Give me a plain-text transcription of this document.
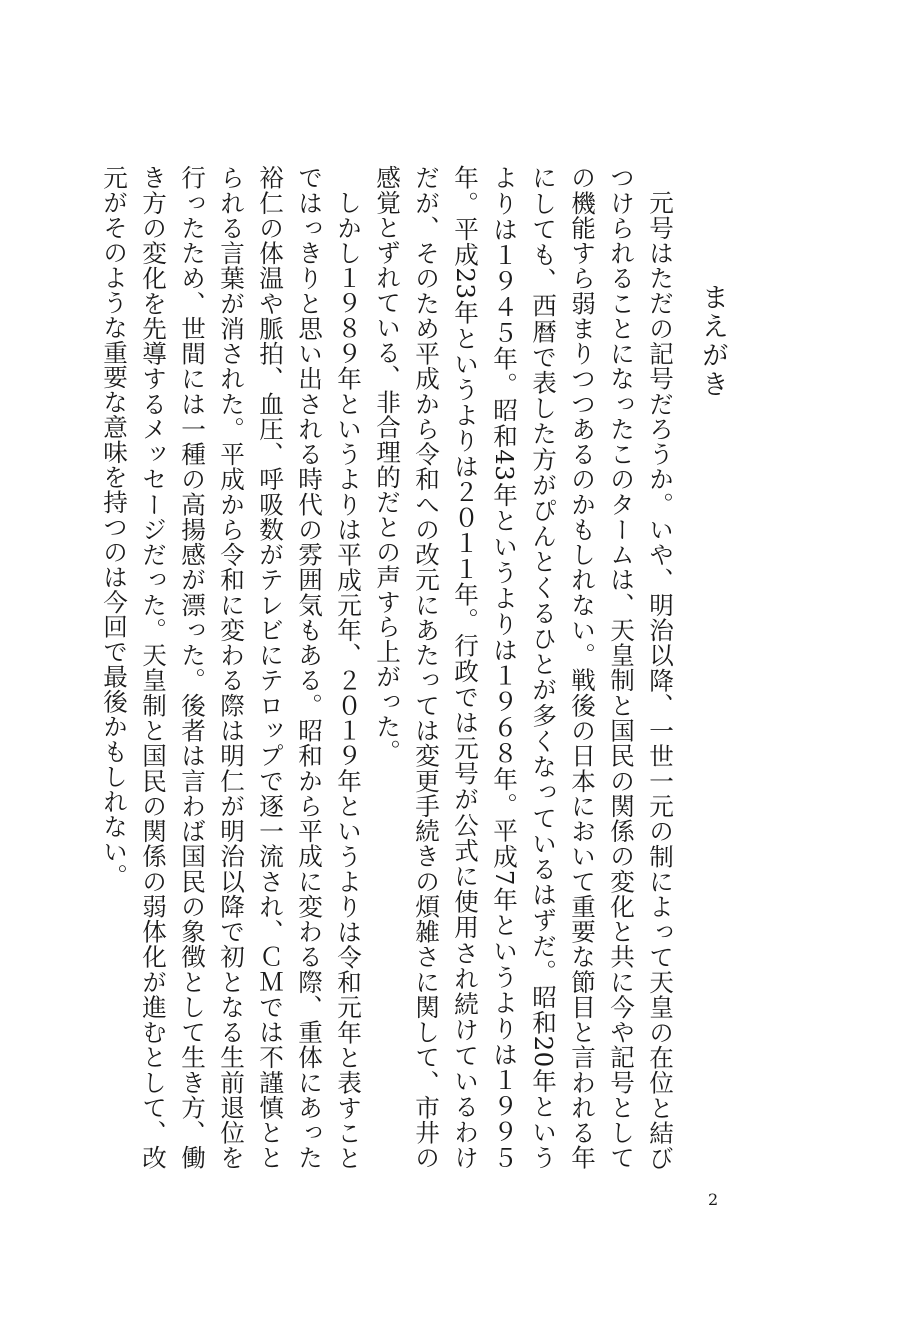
まえがき

元号はただの記号だろうか。いや、明治以降、一世一元の制によって天皇の在位と結びつけられることになったこのタームは、天皇制と国民の関係の変化と共に今や記号としての機能すら弱まりつつあるのかもしれない。戦後の日本において重要な節目と言われる年にしても、西暦で表した方がぴんとくるひとが多くなっているはずだ。昭和20年というよりは１９４５年。昭和43年というよりは１９６８年。平成7年というよりは１９９５年。平成23年というよりは２０１１年。行政では元号が公式に使用され続けているわけだが、そのため平成から令和への改元にあたっては変更手続きの煩雑さに関して、市井の感覚とずれている、非合理的だとの声すら上がった。

しかし１９８９年というよりは平成元年、２０１９年というよりは令和元年と表すことではっきりと思い出される時代の雰囲気もある。昭和から平成に変わる際、重体にあった裕仁の体温や脈拍、血圧、呼吸数がテレビにテロップで逐一流され、ＣＭでは不謹慎ととられる言葉が消された。平成から令和に変わる際は明仁が明治以降で初となる生前退位を行ったため、世間には一種の高揚感が漂った。後者は言わば国民の象徴として生き方、働き方の変化を先導するメッセージだった。天皇制と国民の関係の弱体化が進むとして、改元がそのような重要な意味を持つのは今回で最後かもしれない。

2
